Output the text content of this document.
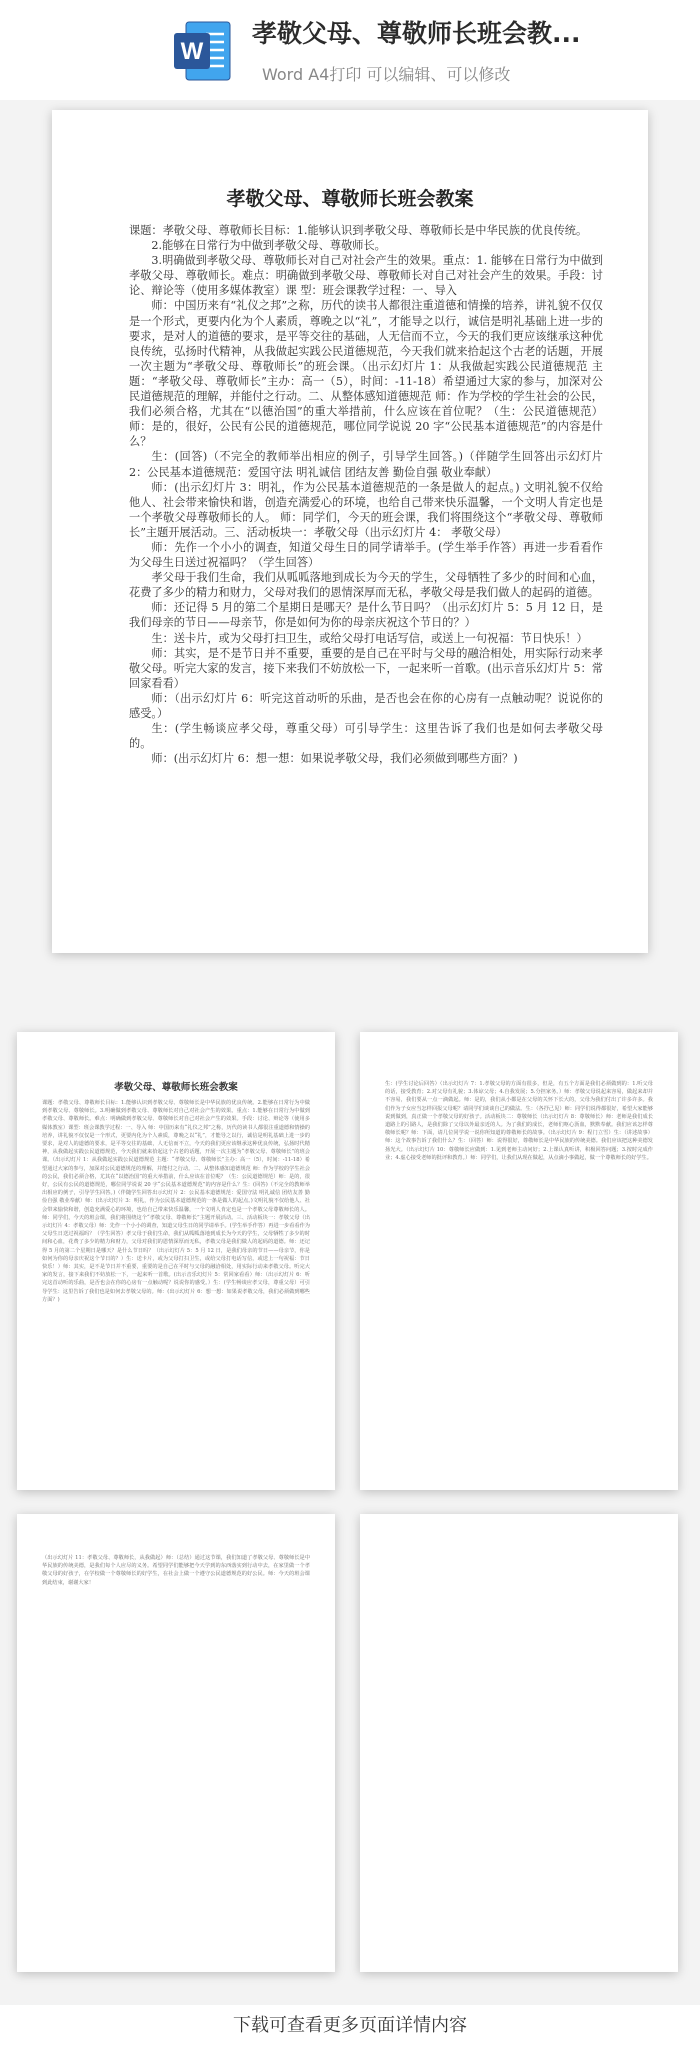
W
孝敬父母、尊敬师长班会教...
Word A4打印 可以编辑、可以修改
孝敬父母、尊敬师长班会教案

课题：孝敬父母、尊敬师长目标：1.能够认识到孝敬父母、尊敬师长是中华民族的优良传统。

2.能够在日常行为中做到孝敬父母、尊敬师长。

3.明确做到孝敬父母、尊敬师长对自己对社会产生的效果。重点：1. 能够在日常行为中做到孝敬父母、尊敬师长。难点：明确做到孝敬父母、尊敬师长对自己对社会产生的效果。手段：讨论、辩论等（使用多媒体教室）课 型：班会课教学过程：一、导入

师：中国历来有“礼仪之邦”之称，历代的读书人都很注重道德和情操的培养，讲礼貌不仅仅是一个形式，更要内化为个人素质，尊晚之以“礼”，才能导之以行，诚信是明礼基础上进一步的要求，是对人的道德的要求，是平等交往的基础，人无信而不立，今天的我们更应该继承这种优良传统，弘扬时代精神，从我做起实践公民道德规范，今天我们就来拾起这个古老的话题，开展一次主题为“孝敬父母、尊敬师长”的班会课。（出示幻灯片 1：从我做起实践公民道德规范 主题：“孝敬父母、尊敬师长”主办：高一（5），时间：-11-18）希望通过大家的参与，加深对公民道德规范的理解，并能付之行动。二、从整体感知道德规范 师：作为学校的学生社会的公民，我们必须合格，尤其在“以德治国”的重大举措前，什么应该在首位呢？（生：公民道德规范）师：是的，很好，公民有公民的道德规范，哪位同学说说 20 字“公民基本道德规范”的内容是什么？

生：(回答)（不完全的教师举出相应的例子，引导学生回答。)（伴随学生回答出示幻灯片 2：公民基本道德规范：爱国守法 明礼诚信 团结友善 勤俭自强 敬业奉献）

师：(出示幻灯片 3：明礼，作为公民基本道德规范的一条是做人的起点。) 文明礼貌不仅给他人、社会带来愉快和谐，创造充满爱心的环境，也给自己带来快乐温馨，一个文明人肯定也是一个孝敬父母尊敬师长的人。 师：同学们，今天的班会课，我们将围绕这个“孝敬父母、尊敬师长”主题开展活动。三、活动板块一：孝敬父母（出示幻灯片 4： 孝敬父母）

师：先作一个小小的调查，知道父母生日的同学请举手。(学生举手作答）再进一步看看作为父母生日送过祝福吗？（学生回答）

孝父母于我们生命，我们从呱呱落地到成长为今天的学生，父母牺牲了多少的时间和心血，花费了多少的精力和财力，父母对我们的恩情深厚而无私，孝敬父母是我们做人的起码的道德。

师：还记得 5 月的第二个星期日是哪天？是什么节日吗？（出示幻灯片 5：5 月 12 日，是我们母亲的节日——母亲节，你是如何为你的母亲庆祝这个节日的？）

生：送卡片，或为父母打扫卫生，或给父母打电话写信，或送上一句祝福：节日快乐！）

师：其实，是不是节日并不重要，重要的是自己在平时与父母的融洽相处，用实际行动来孝敬父母。听完大家的发言，接下来我们不妨放松一下，一起来听一首歌。(出示音乐幻灯片 5：常回家看看）

师：（出示幻灯片 6：听完这首动听的乐曲，是否也会在你的心房有一点触动呢？说说你的感受。）

生：(学生畅谈应孝父母，尊重父母）可引导学生：这里告诉了我们也是如何去孝敬父母的。

师：(出示幻灯片 6：想一想：如果说孝敬父母，我们必须做到哪些方面？)

孝敬父母、尊敬师长班会教案

课题：孝敬父母、尊敬师长目标：1.能够认识到孝敬父母、尊敬师长是中华民族的优良传统。2.能够在日常行为中做到孝敬父母、尊敬师长。3.明确做到孝敬父母、尊敬师长对自己对社会产生的效果。重点：1.能够在日常行为中做到孝敬父母、尊敬师长。难点：明确做到孝敬父母、尊敬师长对自己对社会产生的效果。手段：讨论、辩论等（使用多媒体教室）课型：班会课教学过程：一、导入 师：中国历来有“礼仪之邦”之称，历代的读书人都很注重道德和情操的培养，讲礼貌不仅仅是一个形式，更要内化为个人素质，尊晚之以“礼”，才能导之以行，诚信是明礼基础上进一步的要求，是对人的道德的要求，是平等交往的基础，人无信而不立，今天的我们更应该继承这种优良传统，弘扬时代精神，从我做起实践公民道德规范，今天我们就来拾起这个古老的话题，开展一次主题为“孝敬父母、尊敬师长”的班会课。（出示幻灯片 1：从我做起实践公民道德规范 主题：“孝敬父母、尊敬师长”主办：高一（5），时间：-11-18）希望通过大家的参与，加深对公民道德规范的理解，并能付之行动。二、从整体感知道德规范 师：作为学校的学生社会的公民，我们必须合格，尤其在“以德治国”的重大举措前，什么应该在首位呢？（生：公民道德规范）师：是的，很好，公民有公民的道德规范，哪位同学说说 20 字“公民基本道德规范”的内容是什么？生：(回答)（不完全的教师举出相应的例子，引导学生回答。)（伴随学生回答出示幻灯片 2：公民基本道德规范：爱国守法 明礼诚信 团结友善 勤俭自强 敬业奉献）师：(出示幻灯片 3：明礼，作为公民基本道德规范的一条是做人的起点。)文明礼貌不仅给他人、社会带来愉快和谐，创造充满爱心的环境，也给自己带来快乐温馨，一个文明人肯定也是一个孝敬父母尊敬师长的人。师：同学们，今天的班会课，我们将围绕这个“孝敬父母、尊敬师长”主题开展活动。三、活动板块一：孝敬父母（出示幻灯片 4：孝敬父母）师：先作一个小小的调查，知道父母生日的同学请举手。(学生举手作答）再进一步看看作为父母生日送过祝福吗？（学生回答）孝父母于我们生命，我们从呱呱落地到成长为今天的学生，父母牺牲了多少的时间和心血，花费了多少的精力和财力，父母对我们的恩情深厚而无私，孝敬父母是我们做人的起码的道德。师：还记得 5 月的第二个星期日是哪天？是什么节日吗？（出示幻灯片 5：5 月 12 日，是我们母亲的节日——母亲节，你是如何为你的母亲庆祝这个节日的？）生：送卡片，或为父母打扫卫生，或给父母打电话写信，或送上一句祝福：节日快乐！）师：其实，是不是节日并不重要，重要的是自己在平时与父母的融洽相处，用实际行动来孝敬父母。听完大家的发言，接下来我们不妨放松一下，一起来听一首歌。(出示音乐幻灯片 5：常回家看看）师：（出示幻灯片 6：听完这首动听的乐曲，是否也会在你的心房有一点触动呢？说说你的感受。）生：(学生畅谈应孝父母，尊重父母）可引导学生：这里告诉了我们也是如何去孝敬父母的。师：(出示幻灯片 6：想一想：如果说孝敬父母，我们必须做到哪些方面？)

生：(学生讨论后回答）（出示幻灯片 7：1.孝敬父母的方面有很多，但是，有五个方面是我们必须做到的：1.听父母的话，接受教育；2.对父母有礼貌；3.体谅父母；4.自我发展；5.分担家务。）师：孝敬父母说起来容易，做起来却并不容易，我们要从一点一滴做起。师：是的，我们从小都是在父母的关怀下长大的，父母为我们付出了许多许多。我们作为子女应当怎样回报父母呢？请同学们谈谈自己的做法。生：（各抒己见）师：同学们说得都很好，希望大家能够说到做到，真正做一个孝敬父母的好孩子。活动板块二：尊敬师长（出示幻灯片 8：尊敬师长）师：老师是我们成长道路上的引路人，是我们除了父母以外最亲近的人。为了我们的成长，老师们呕心沥血，默默奉献。我们应该怎样尊敬师长呢？师：下面，请几位同学说一说你所知道的尊敬师长的故事。（出示幻灯片 9：程门立雪）生：（讲述故事）师：这个故事告诉了我们什么？生：（回答）师：说得很好，尊敬师长是中华民族的传统美德。我们应该把这种美德发扬光大。（出示幻灯片 10：尊敬师长应做到：1.见到老师主动问好；2.上课认真听讲，积极回答问题；3.按时完成作业；4.虚心接受老师的批评和教育。）师：同学们，让我们从现在做起，从点滴小事做起，做一个尊敬师长的好学生。

（出示幻灯片 11：孝敬父母、尊敬师长，从我做起）师：（总结）通过这节课，我们知道了孝敬父母、尊敬师长是中华民族的传统美德，是我们每个人应尽的义务。希望同学们能够把今天学到的东西落实到行动中去，在家里做一个孝敬父母的好孩子，在学校做一个尊敬师长的好学生，在社会上做一个遵守公民道德规范的好公民。师：今天的班会课到此结束，谢谢大家！

下载可查看更多页面详情内容
